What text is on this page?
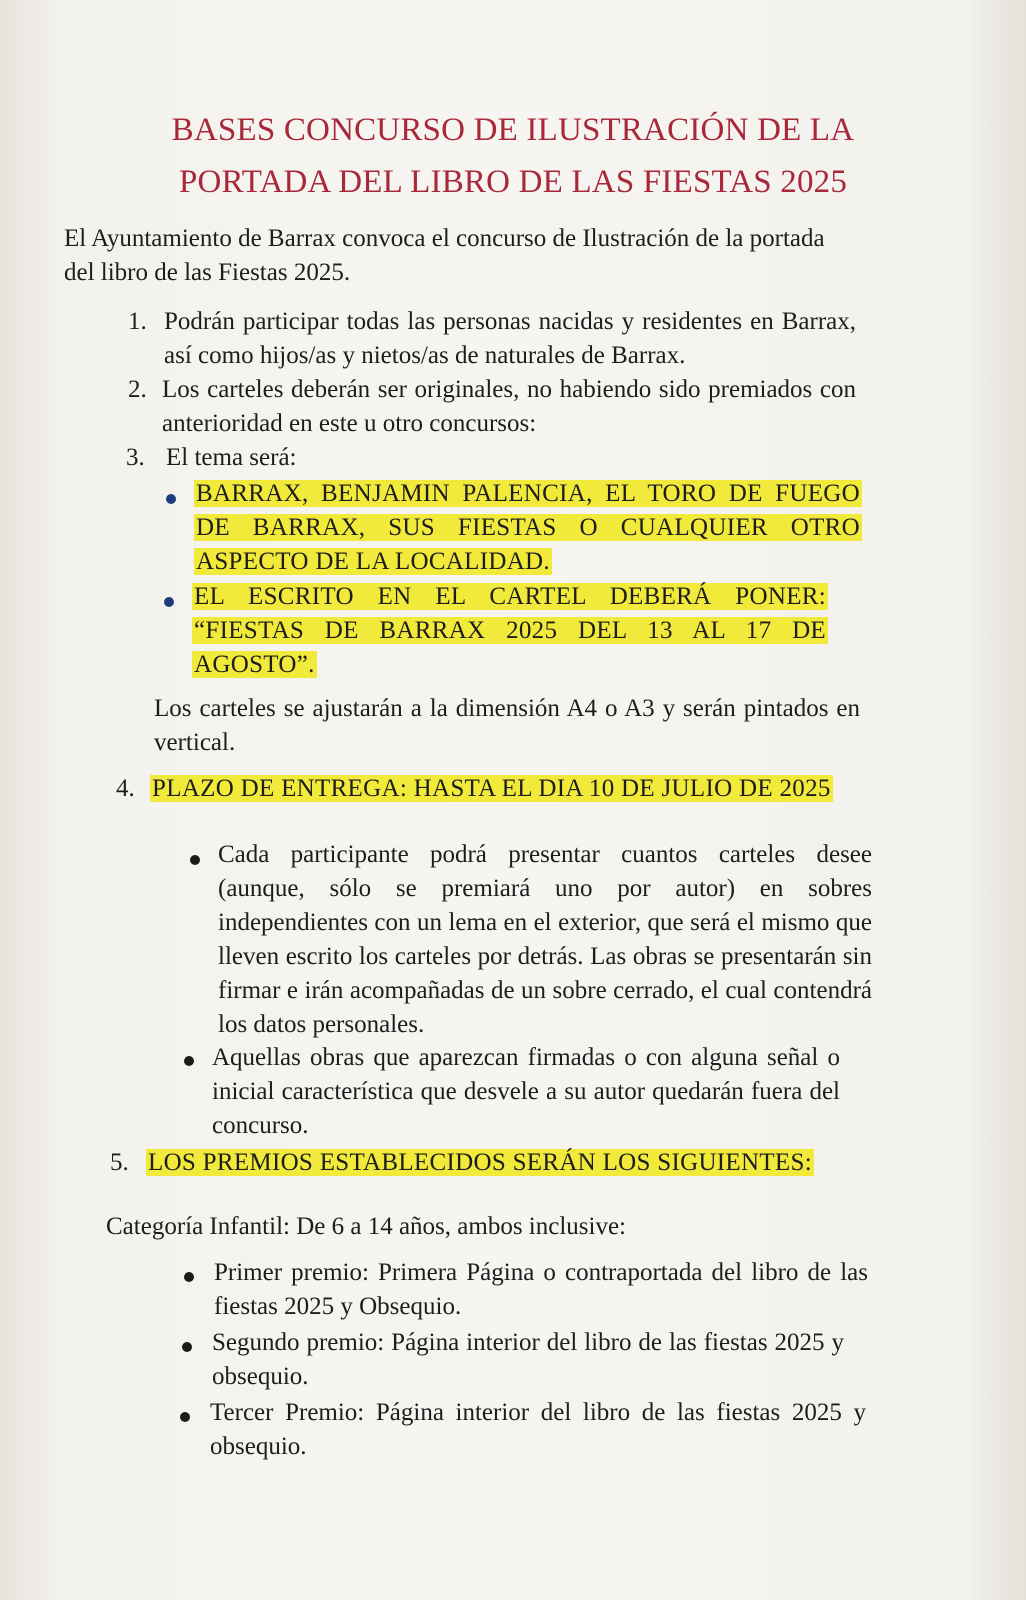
BASES CONCURSO DE ILUSTRACIÓN DE LA
PORTADA DEL LIBRO DE LAS FIESTAS 2025

El Ayuntamiento de Barrax convoca el concurso de Ilustración de la portada del libro de las Fiestas 2025.

1. Podrán participar todas las personas nacidas y residentes en Barrax, así como hijos/as y nietos/as de naturales de Barrax.

2. Los carteles deberán ser originales, no habiendo sido premiados con anterioridad en este u otro concursos:

3. El tema será:

BARRAX, BENJAMIN PALENCIA, EL TORO DE FUEGO DE BARRAX, SUS FIESTAS O CUALQUIER OTRO ASPECTO DE LA LOCALIDAD.

EL ESCRITO EN EL CARTEL DEBERÁ PONER: “FIESTAS DE BARRAX 2025 DEL 13 AL 17 DE AGOSTO”.

Los carteles se ajustarán a la dimensión A4 o A3 y serán pintados en vertical.

4. PLAZO DE ENTREGA: HASTA EL DIA 10 DE JULIO DE 2025

Cada participante podrá presentar cuantos carteles desee (aunque, sólo se premiará uno por autor) en sobres independientes con un lema en el exterior, que será el mismo que lleven escrito los carteles por detrás. Las obras se presentarán sin firmar e irán acompañadas de un sobre cerrado, el cual contendrá los datos personales.

Aquellas obras que aparezcan firmadas o con alguna señal o inicial característica que desvele a su autor quedarán fuera del concurso.

5. LOS PREMIOS ESTABLECIDOS SERÁN LOS SIGUIENTES:

Categoría Infantil: De 6 a 14 años, ambos inclusive:

Primer premio: Primera Página o contraportada del libro de las fiestas 2025 y Obsequio.

Segundo premio: Página interior del libro de las fiestas 2025 y obsequio.

Tercer Premio: Página interior del libro de las fiestas 2025 y obsequio.
